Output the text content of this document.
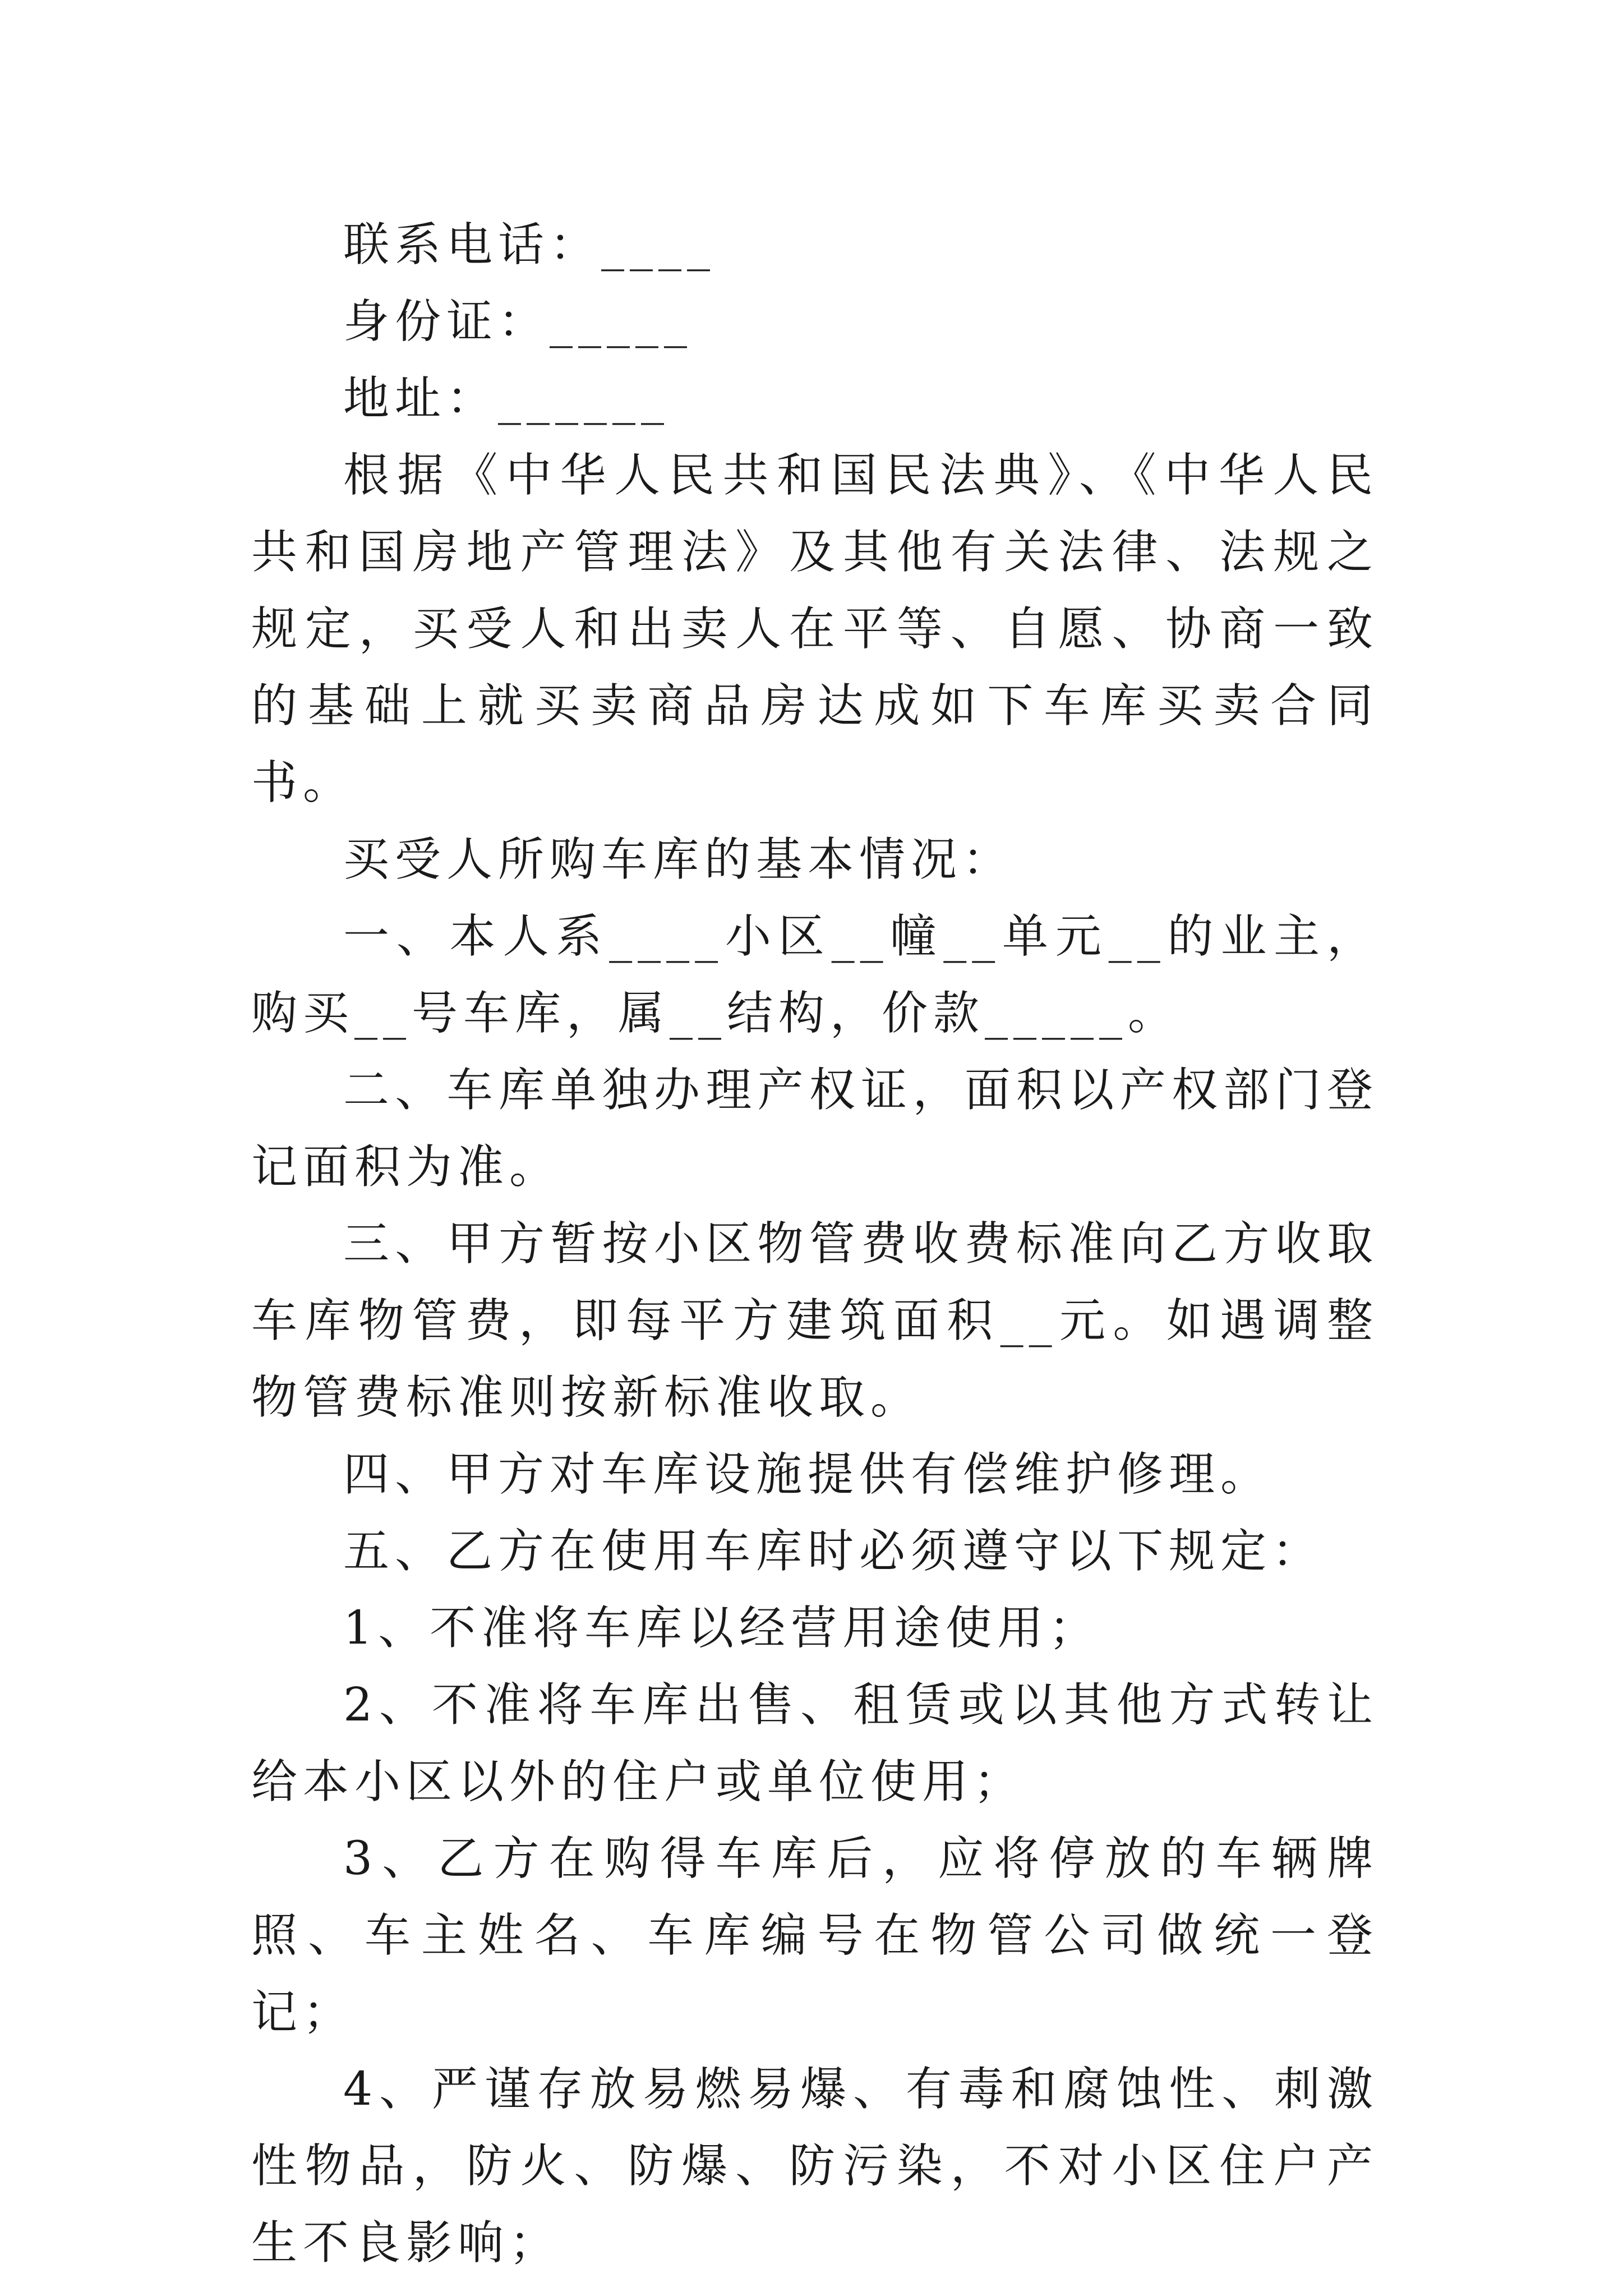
联系电话：____

身份证：_____

地址：______

根据《中华人民共和国民法典》、《中华人民共和国房地产管理法》及其他有关法律、法规之规定，买受人和出卖人在平等、自愿、协商一致的基础上就买卖商品房达成如下车库买卖合同书。

买受人所购车库的基本情况：

一、本人系____小区__幢__单元__的业主，购买__号车库，属__结构，价款_____。

二、车库单独办理产权证，面积以产权部门登记面积为准。

三、甲方暂按小区物管费收费标准向乙方收取车库物管费，即每平方建筑面积__元。如遇调整物管费标准则按新标准收取。

四、甲方对车库设施提供有偿维护修理。

五、乙方在使用车库时必须遵守以下规定：

1、不准将车库以经营用途使用；

2、不准将车库出售、租赁或以其他方式转让给本小区以外的住户或单位使用；

3、乙方在购得车库后，应将停放的车辆牌照、车主姓名、车库编号在物管公司做统一登记；

4、严谨存放易燃易爆、有毒和腐蚀性、刺激性物品，防火、防爆、防污染，不对小区住户产生不良影响；
